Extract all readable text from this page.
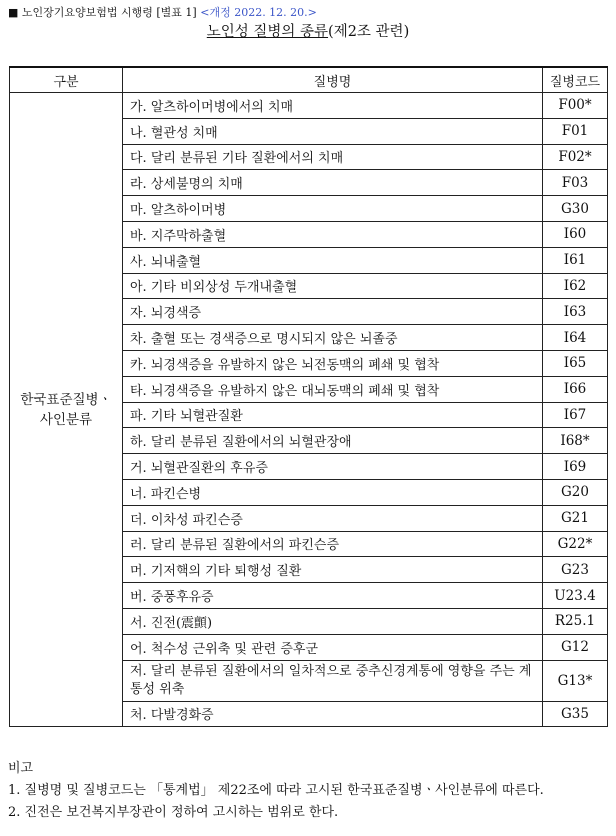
■ 노인장기요양보험법 시행령 [별표 1] <개정 2022. 12. 20.>
노인성 질병의 종류(제2조 관련)
구분	질병명	질병코드
한국표준질병ㆍ
사인분류	가. 알츠하이머병에서의 치매	F00*
	나. 혈관성 치매	F01
	다. 달리 분류된 기타 질환에서의 치매	F02*
	라. 상세불명의 치매	F03
	마. 알츠하이머병	G30
	바. 지주막하출혈	I60
	사. 뇌내출혈	I61
	아. 기타 비외상성 두개내출혈	I62
	자. 뇌경색증	I63
	차. 출혈 또는 경색증으로 명시되지 않은 뇌졸중	I64
	카. 뇌경색증을 유발하지 않은 뇌전동맥의 폐쇄 및 협착	I65
	타. 뇌경색증을 유발하지 않은 대뇌동맥의 폐쇄 및 협착	I66
	파. 기타 뇌혈관질환	I67
	하. 달리 분류된 질환에서의 뇌혈관장애	I68*
	거. 뇌혈관질환의 후유증	I69
	너. 파킨슨병	G20
	더. 이차성 파킨슨증	G21
	러. 달리 분류된 질환에서의 파킨슨증	G22*
	머. 기저핵의 기타 퇴행성 질환	G23
	버. 중풍후유증	U23.4
	서. 진전(震顫)	R25.1
	어. 척수성 근위축 및 관련 증후군	G12
	저. 달리 분류된 질환에서의 일차적으로 중추신경계통에 영향을 주는 계통성 위축	G13*
	처. 다발경화증	G35
비고
1. 질병명 및 질병코드는 「통계법」 제22조에 따라 고시된 한국표준질병ㆍ사인분류에 따른다.
2. 진전은 보건복지부장관이 정하여 고시하는 범위로 한다.
